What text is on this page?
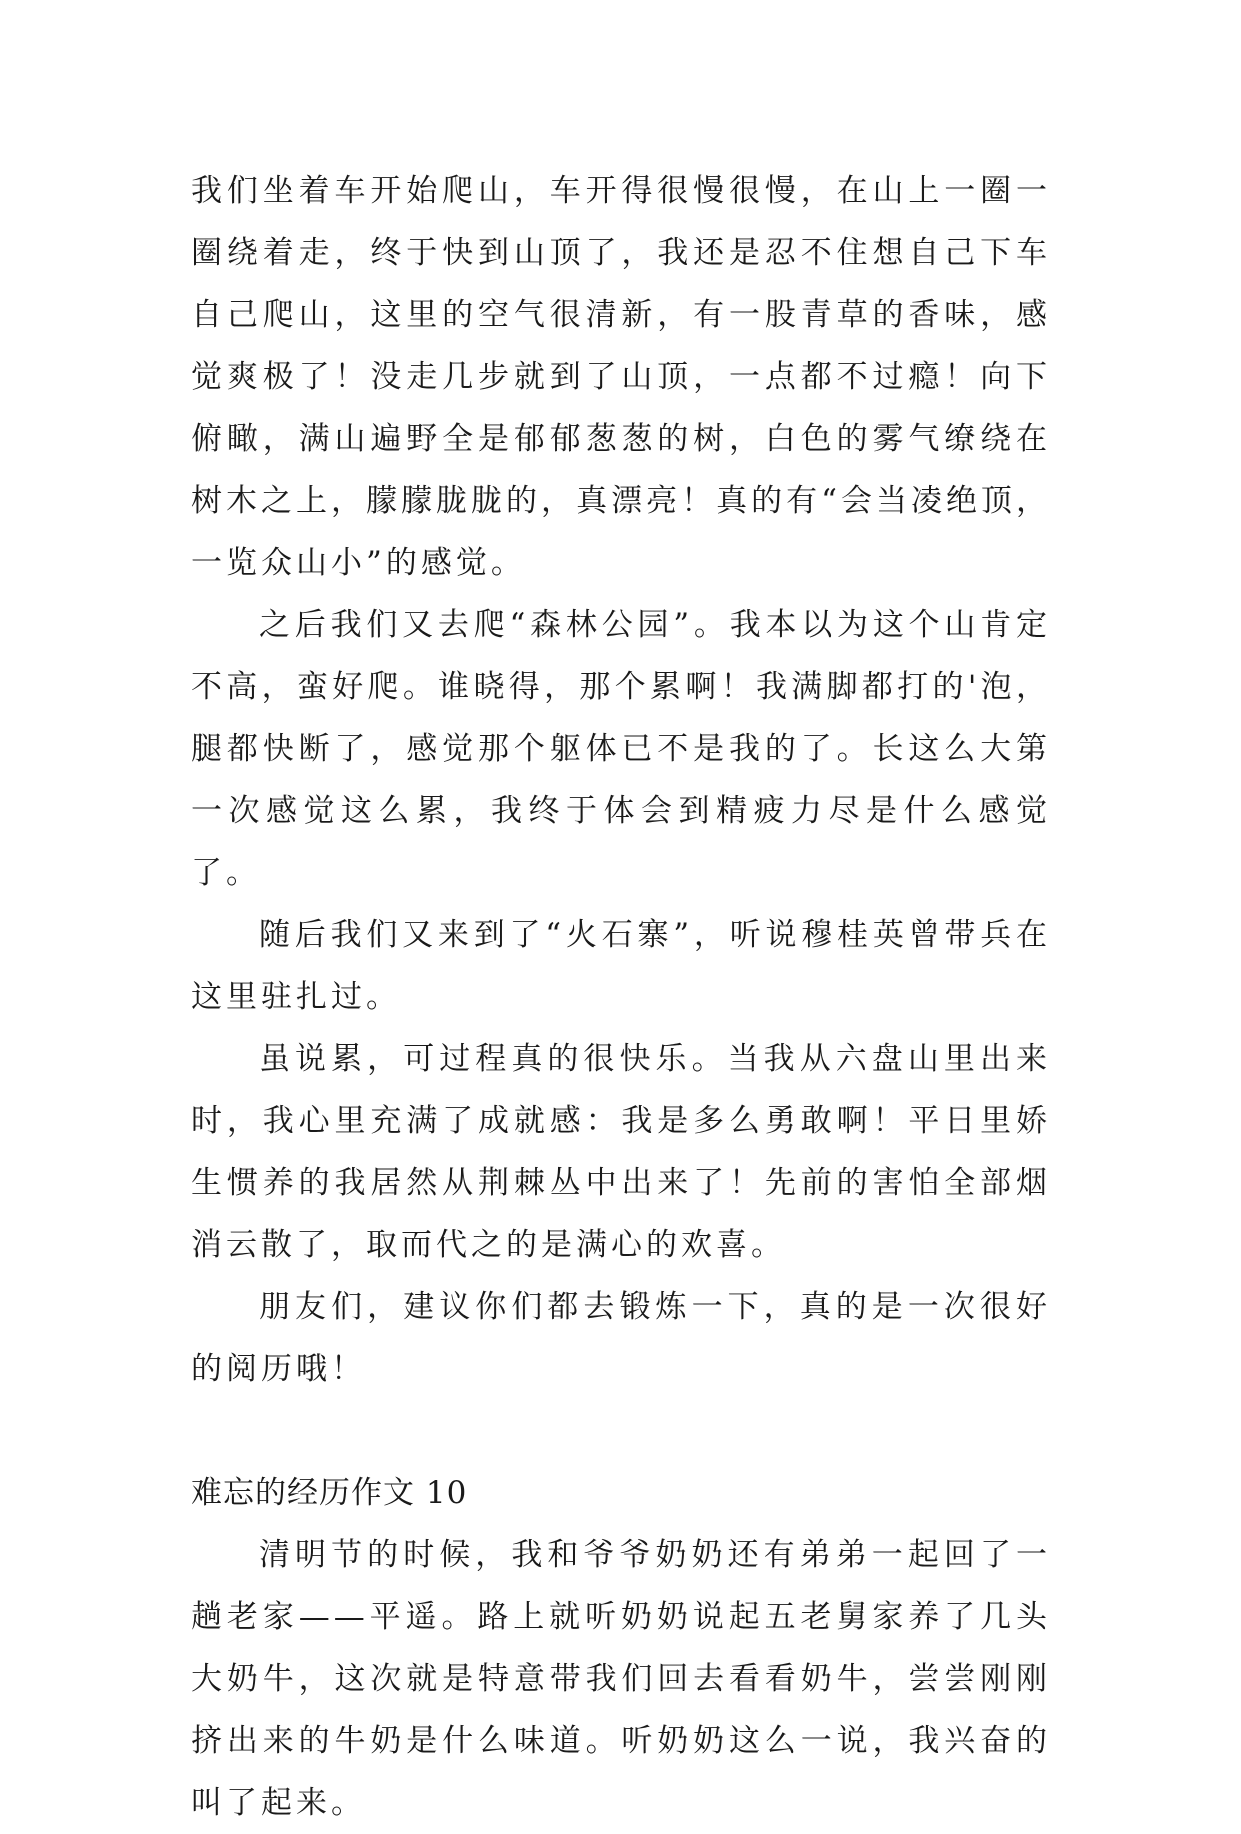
我们坐着车开始爬山，车开得很慢很慢，在山上一圈一圈绕着走，终于快到山顶了，我还是忍不住想自己下车自己爬山，这里的空气很清新，有一股青草的香味，感觉爽极了！没走几步就到了山顶，一点都不过瘾！向下俯瞰，满山遍野全是郁郁葱葱的树，白色的雾气缭绕在树木之上，朦朦胧胧的，真漂亮！真的有“会当凌绝顶，一览众山小”的感觉。

之后我们又去爬“森林公园”。我本以为这个山肯定不高，蛮好爬。谁晓得，那个累啊！我满脚都打的'泡，腿都快断了，感觉那个躯体已不是我的了。长这么大第一次感觉这么累，我终于体会到精疲力尽是什么感觉了。

随后我们又来到了“火石寨”，听说穆桂英曾带兵在这里驻扎过。

虽说累，可过程真的很快乐。当我从六盘山里出来时，我心里充满了成就感：我是多么勇敢啊！平日里娇生惯养的我居然从荆棘丛中出来了！先前的害怕全部烟消云散了，取而代之的是满心的欢喜。

朋友们，建议你们都去锻炼一下，真的是一次很好的阅历哦！

难忘的经历作文 10

清明节的时候，我和爷爷奶奶还有弟弟一起回了一趟老家——平遥。路上就听奶奶说起五老舅家养了几头大奶牛，这次就是特意带我们回去看看奶牛，尝尝刚刚挤出来的牛奶是什么味道。听奶奶这么一说，我兴奋的叫了起来。
